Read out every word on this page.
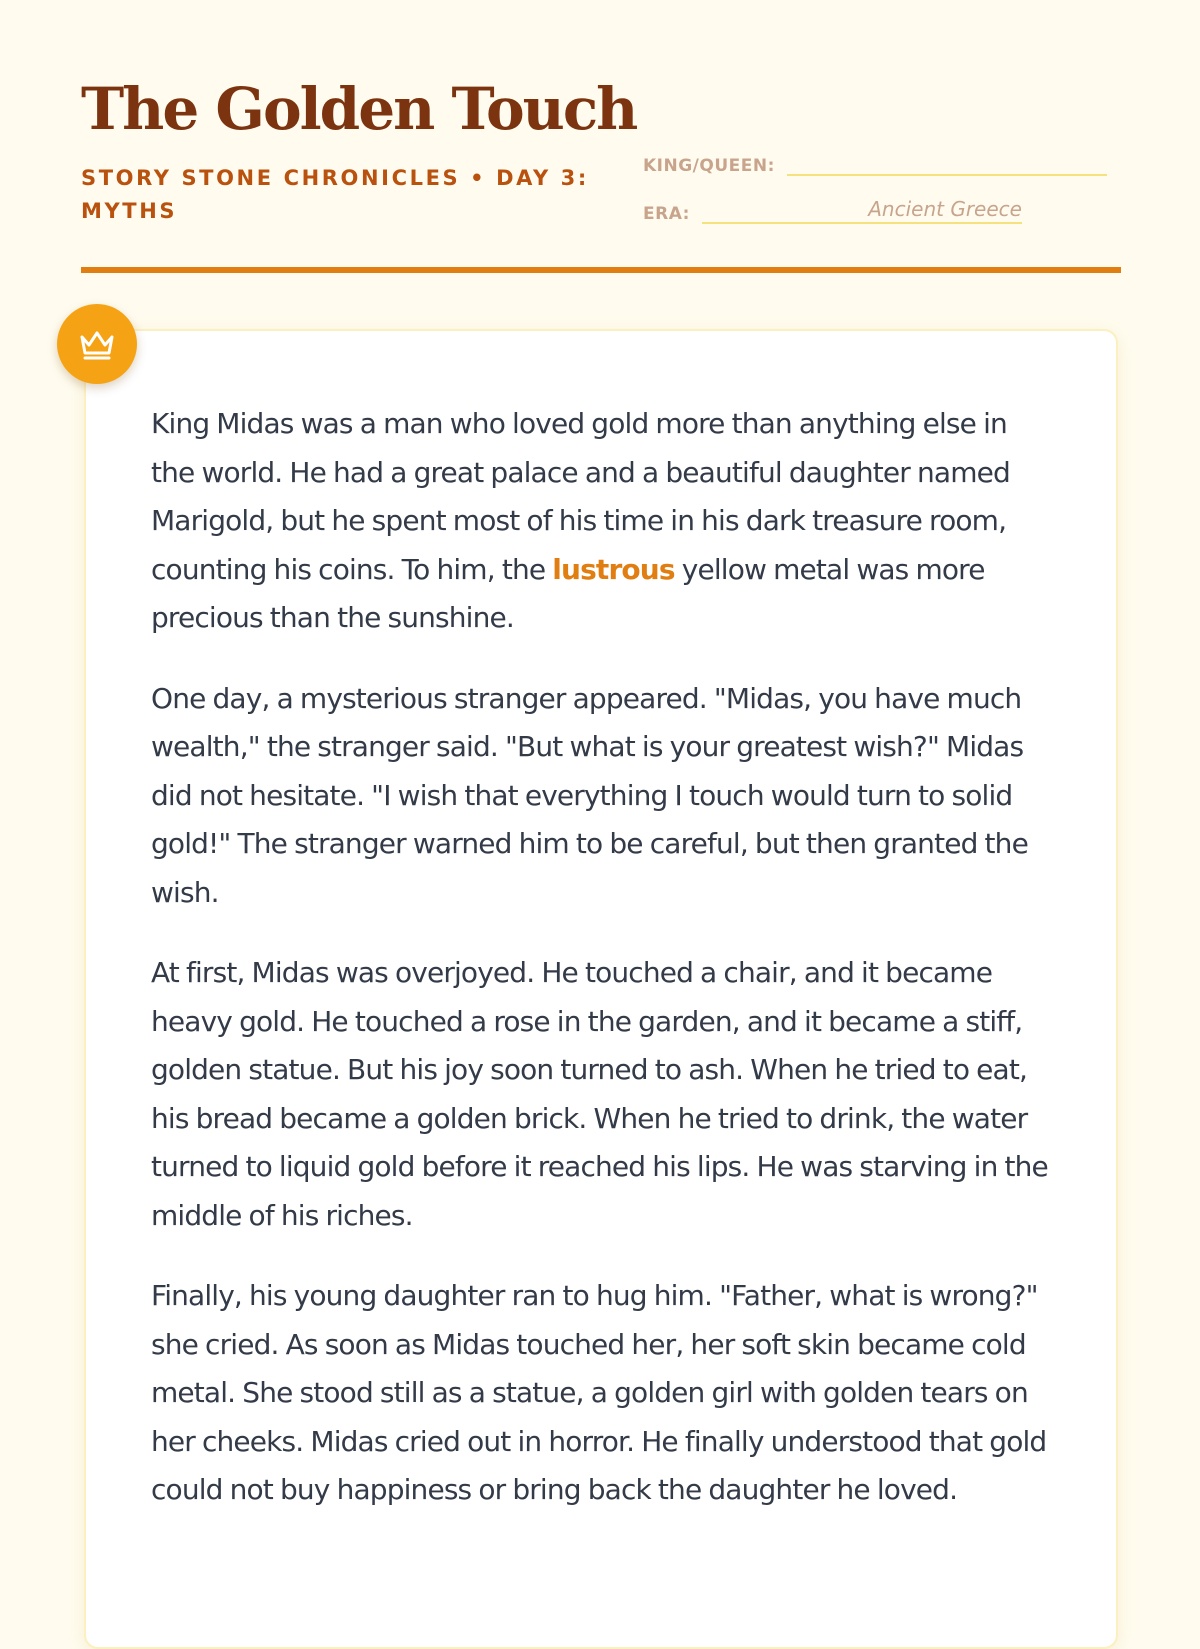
The Golden Touch
STORY STONE CHRONICLES • DAY 3: MYTHS
KING/QUEEN:
ERA:	Ancient Greece

King Midas was a man who loved gold more than anything else in the world. He had a great palace and a beautiful daughter named Marigold, but he spent most of his time in his dark treasure room, counting his coins. To him, the lustrous yellow metal was more precious than the sunshine.

One day, a mysterious stranger appeared. "Midas, you have much wealth," the stranger said. "But what is your greatest wish?" Midas did not hesitate. "I wish that everything I touch would turn to solid gold!" The stranger warned him to be careful, but then granted the wish.

At first, Midas was overjoyed. He touched a chair, and it became heavy gold. He touched a rose in the garden, and it became a stiff, golden statue. But his joy soon turned to ash. When he tried to eat, his bread became a golden brick. When he tried to drink, the water turned to liquid gold before it reached his lips. He was starving in the middle of his riches.

Finally, his young daughter ran to hug him. "Father, what is wrong?" she cried. As soon as Midas touched her, her soft skin became cold metal. She stood still as a statue, a golden girl with golden tears on her cheeks. Midas cried out in horror. He finally understood that gold could not buy happiness or bring back the daughter he loved.
